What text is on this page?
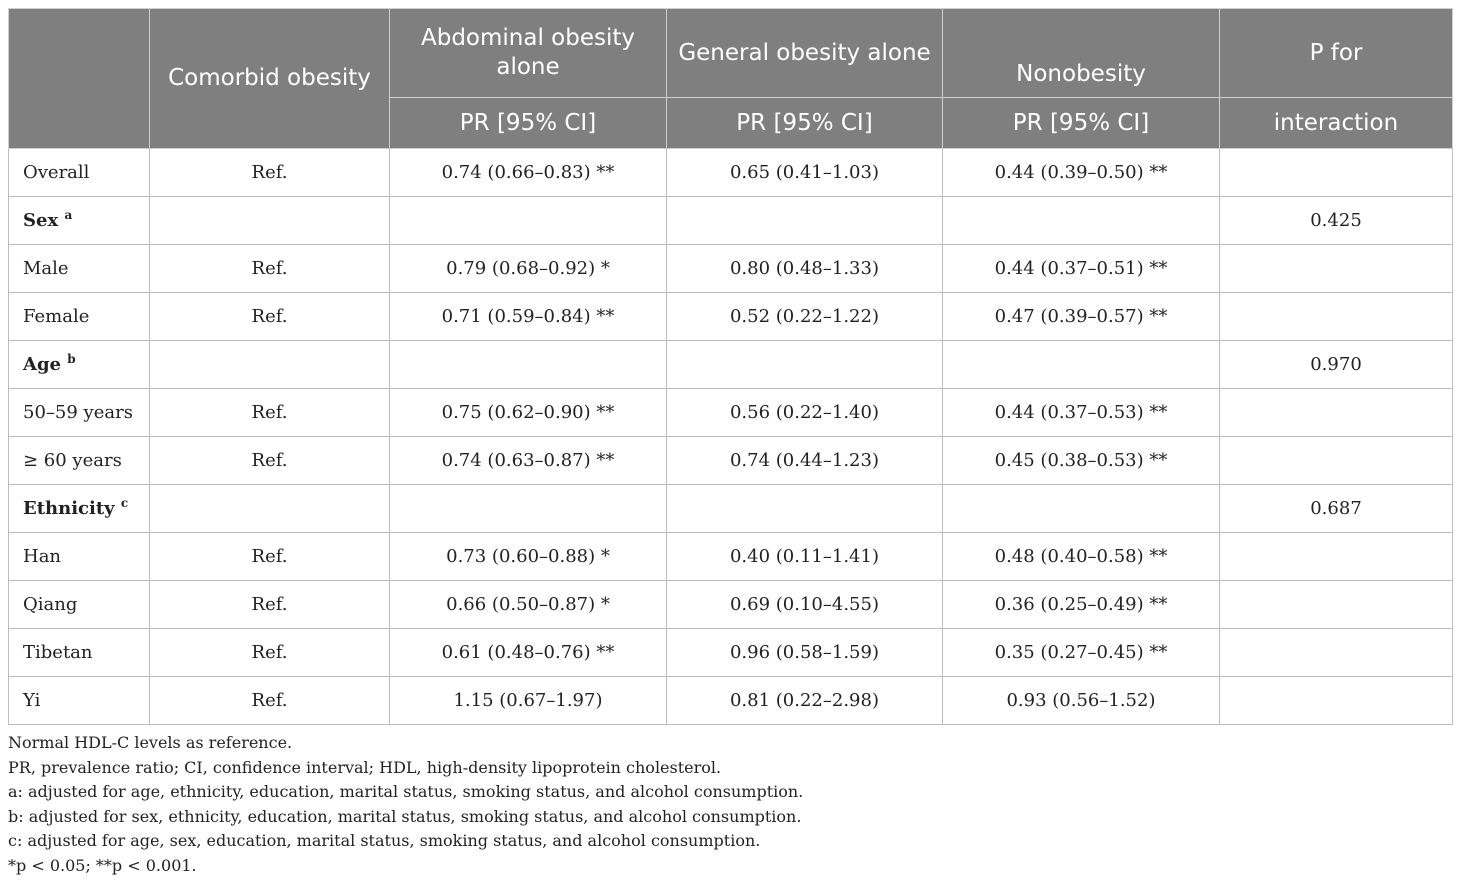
	Comorbid obesity	Abdominal obesity alone	General obesity alone	Nonobesity	P for
		PR [95% CI]	PR [95% CI]	PR [95% CI]	interaction
Overall	Ref.	0.74 (0.66–0.83) **	0.65 (0.41–1.03)	0.44 (0.39–0.50) **	
Sex $^a$					0.425
Male	Ref.	0.79 (0.68–0.92) *	0.80 (0.48–1.33)	0.44 (0.37–0.51) **	
Female	Ref.	0.71 (0.59–0.84) **	0.52 (0.22–1.22)	0.47 (0.39–0.57) **	
Age $^b$					0.970
50–59 years	Ref.	0.75 (0.62–0.90) **	0.56 (0.22–1.40)	0.44 (0.37–0.53) **	
≥ 60 years	Ref.	0.74 (0.63–0.87) **	0.74 (0.44–1.23)	0.45 (0.38–0.53) **	
Ethnicity $^c$					0.687
Han	Ref.	0.73 (0.60–0.88) *	0.40 (0.11–1.41)	0.48 (0.40–0.58) **	
Qiang	Ref.	0.66 (0.50–0.87) *	0.69 (0.10–4.55)	0.36 (0.25–0.49) **	
Tibetan	Ref.	0.61 (0.48–0.76) **	0.96 (0.58–1.59)	0.35 (0.27–0.45) **	
Yi	Ref.	1.15 (0.67–1.97)	0.81 (0.22–2.98)	0.93 (0.56–1.52)	
Normal HDL-C levels as reference.
PR, prevalence ratio; CI, confidence interval; HDL, high-density lipoprotein cholesterol.
a: adjusted for age, ethnicity, education, marital status, smoking status, and alcohol consumption.
b: adjusted for sex, ethnicity, education, marital status, smoking status, and alcohol consumption.
c: adjusted for age, sex, education, marital status, smoking status, and alcohol consumption.
*p < 0.05; **p < 0.001.
